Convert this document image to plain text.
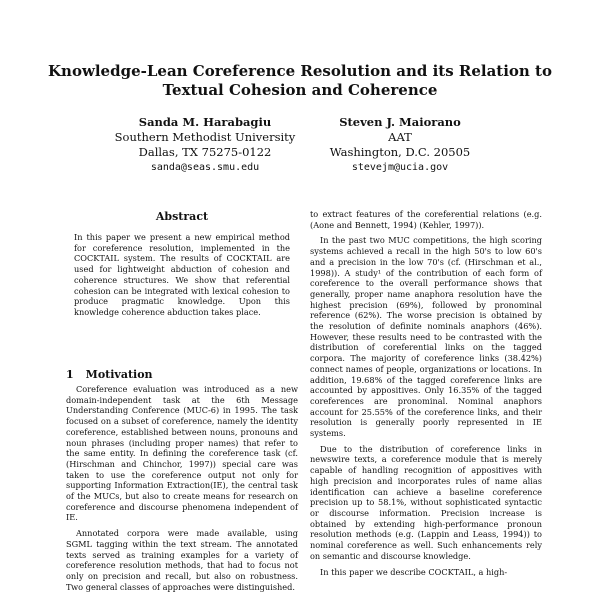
Knowledge-Lean Coreference Resolution and its Relation to
Textual Cohesion and Coherence
Sanda M. Harabagiu
Southern Methodist University
Dallas, TX 75275-0122
sanda@seas.smu.edu
Steven J. Maiorano
AAT
Washington, D.C. 20505
stevejm@ucia.gov
Abstract

In this paper we present a new empirical method for coreference resolution, implemented in the COCKTAIL system. The results of COCKTAIL are used for lightweight abduction of cohesion and coherence structures. We show that referential cohesion can be integrated with lexical cohesion to produce pragmatic knowledge. Upon this knowledge coherence abduction takes place.

1 Motivation

Coreference evaluation was introduced as a new domain-independent task at the 6th Message Understanding Conference (MUC-6) in 1995. The task focused on a subset of coreference, namely the identity coreference, established between nouns, pronouns and noun phrases (including proper names) that refer to the same entity. In defining the coreference task (cf. (Hirschman and Chinchor, 1997)) special care was taken to use the coreference output not only for supporting Information Extraction(IE), the central task of the MUCs, but also to create means for research on coreference and discourse phenomena independent of IE.

Annotated corpora were made available, using SGML tagging within the text stream. The annotated texts served as training examples for a variety of coreference resolution methods, that had to focus not only on precision and recall, but also on robustness. Two general classes of approaches were distinguished.

to extract features of the coreferential relations (e.g. (Aone and Bennett, 1994) (Kehler, 1997)).

In the past two MUC competitions, the high scoring systems achieved a recall in the high 50's to low 60's and a precision in the low 70's (cf. (Hirschman et al., 1998)). A study¹ of the contribution of each form of coreference to the overall performance shows that generally, proper name anaphora resolution have the highest precision (69%), followed by pronominal reference (62%). The worse precision is obtained by the resolution of definite nominals anaphors (46%). However, these results need to be contrasted with the distribution of coreferential links on the tagged corpora. The majority of coreference links (38.42%) connect names of people, organizations or locations. In addition, 19.68% of the tagged coreference links are accounted by appositives. Only 16.35% of the tagged coreferences are pronominal. Nominal anaphors account for 25.55% of the coreference links, and their resolution is generally poorly represented in IE systems.

Due to the distribution of coreference links in newswire texts, a coreference module that is merely capable of handling recognition of appositives with high precision and incorporates rules of name alias identification can achieve a baseline coreference precision up to 58.1%, without sophisticated syntactic or discourse information. Precision increase is obtained by extending high-performance pronoun resolution methods (e.g. (Lappin and Leass, 1994)) to nominal coreference as well. Such enhancements rely on semantic and discourse knowledge.

In this paper we describe COCKTAIL, a high-
